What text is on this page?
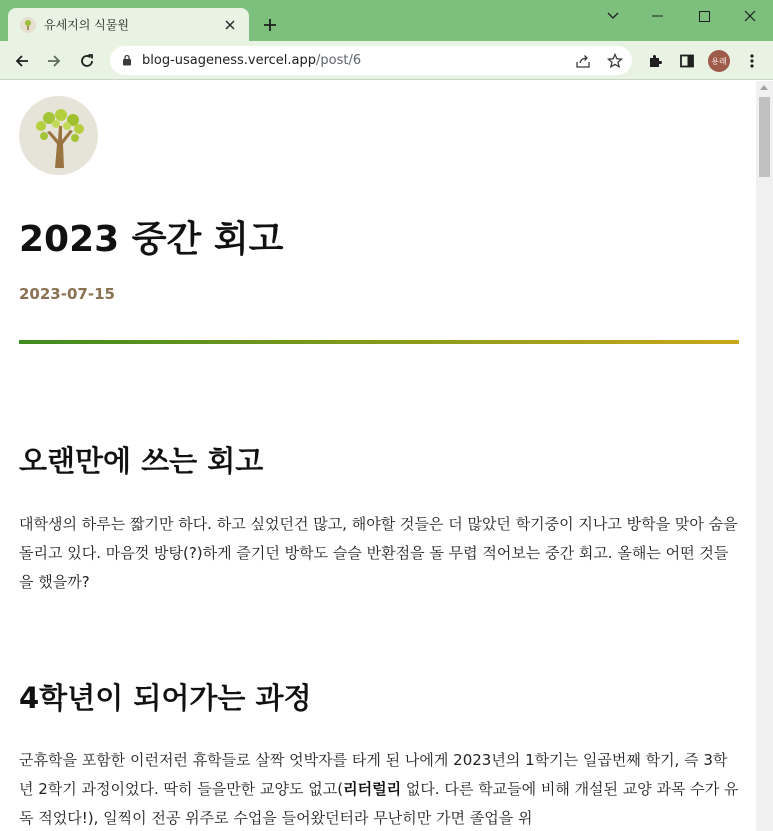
유세지의 식물원
blog-usageness.vercel.app/post/6	용래
2023 중간 회고
2023-07-15
오랜만에 쓰는 회고

대학생의 하루는 짧기만 하다. 하고 싶었던건 많고, 해야할 것들은 더 많았던 학기중이 지나고 방학을 맞아 숨을 돌리고 있다. 마음껏 방탕(?)하게 즐기던 방학도 슬슬 반환점을 돌 무렵 적어보는 중간 회고. 올해는 어떤 것들을 했을까?

4학년이 되어가는 과정

군휴학을 포함한 이런저런 휴학들로 살짝 엇박자를 타게 된 나에게 2023년의 1학기는 일곱번째 학기, 즉 3학년 2학기 과정이었다. 딱히 들을만한 교양도 없고(리터럴리 없다. 다른 학교들에 비해 개설된 교양 과목 수가 유독 적었다!), 일찍이 전공 위주로 수업을 들어왔던터라 무난히만 가면 졸업을 위
